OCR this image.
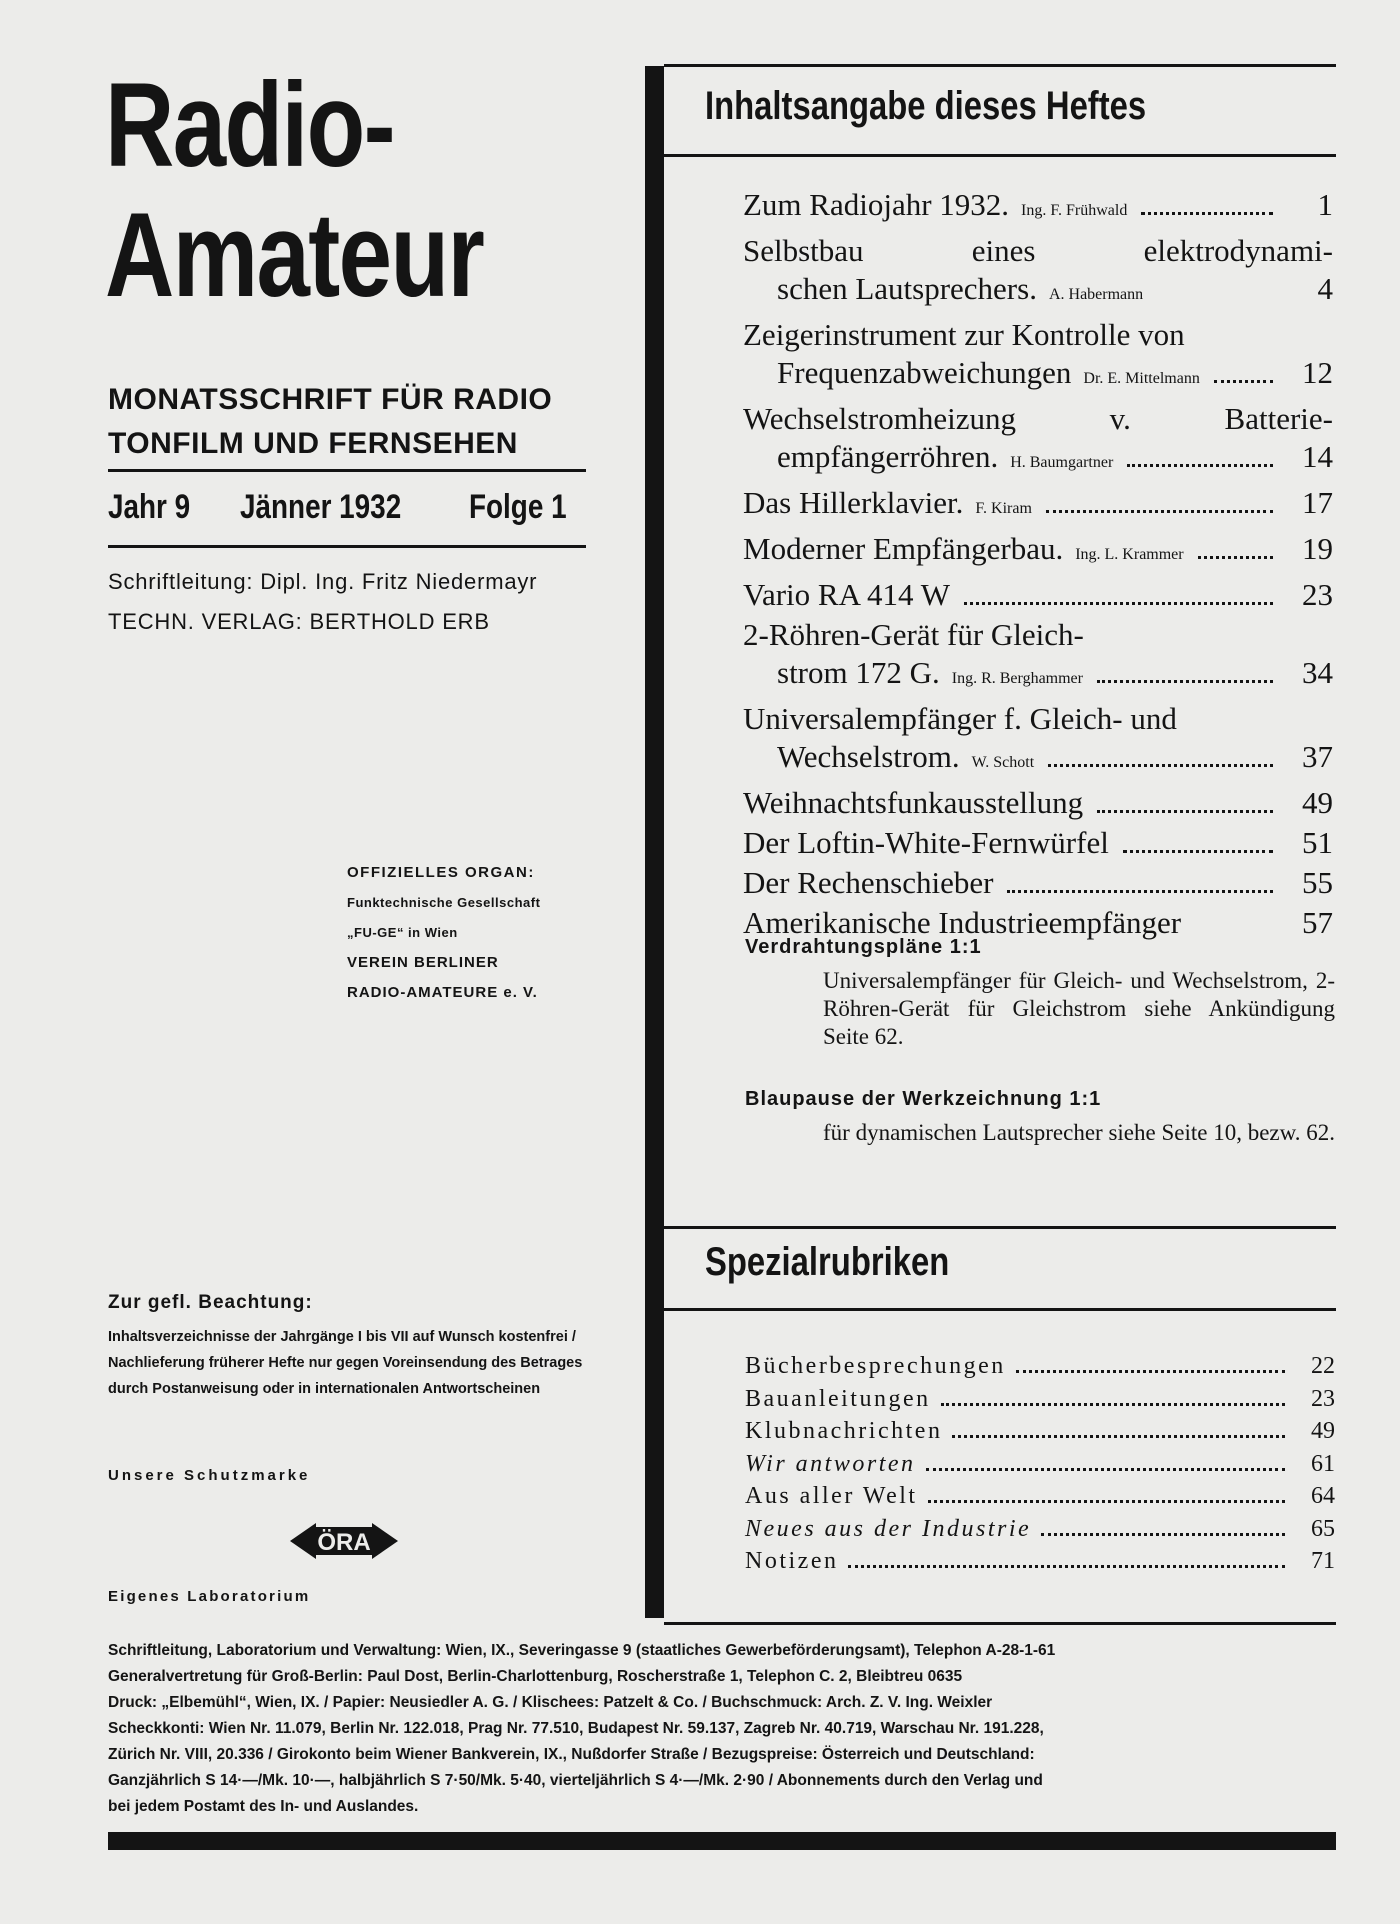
Radio-
Amateur
MONATSSCHRIFT FÜR RADIO
TONFILM UND FERNSEHEN
Jahr 9 Jänner 1932 Folge 1
Schriftleitung: Dipl. Ing. Fritz Niedermayr
TECHN. VERLAG: BERTHOLD ERB
OFFIZIELLES ORGAN:
Funktechnische Gesellschaft
„FU-GE“ in Wien
VEREIN BERLINER
RADIO-AMATEURE e. V.
Zur gefl. Beachtung:

Inhaltsverzeichnisse der Jahrgänge I bis VII auf Wunsch kostenfrei / Nachlieferung früherer Hefte nur gegen Voreinsendung des Betrages durch Postanweisung oder in internationalen Antwortscheinen

Unsere Schutzmarke
ÖRA
Eigenes Laboratorium
Inhaltsangabe dieses Heftes
Zum Radiojahr 1932. Ing. F. Frühwald	1
Selbstbau eines elektrodynami-
schen Lautsprechers. A. Habermann	4
Zeigerinstrument zur Kontrolle von
Frequenzabweichungen Dr. E. Mittelmann	12
Wechselstromheizung v. Batterie-
empfängerröhren. H. Baumgartner	14
Das Hillerklavier. F. Kiram	17
Moderner Empfängerbau. Ing. L. Krammer	19
Vario RA 414 W	23
2-Röhren-Gerät für Gleich-
strom 172 G. Ing. R. Berghammer	34
Universalempfänger f. Gleich- und
Wechselstrom. W. Schott	37
Weihnachtsfunkausstellung	49
Der Loftin-White-Fernwürfel	51
Der Rechenschieber	55
Amerikanische Industrieempfänger	57
Verdrahtungspläne 1:1

Universalempfänger für Gleich- und Wechselstrom, 2-Röhren-Gerät für Gleichstrom siehe Ankündigung Seite 62.

Blaupause der Werkzeichnung 1:1

für dynamischen Lautsprecher siehe Seite 10, bezw. 62.

Spezialrubriken
Bücherbesprechungen	22
Bauanleitungen	23
Klubnachrichten	49
Wir antworten	61
Aus aller Welt	64
Neues aus der Industrie	65
Notizen	71
Schriftleitung, Laboratorium und Verwaltung: Wien, IX., Severingasse 9 (staatliches Gewerbeförderungsamt), Telephon A-28-1-61
Generalvertretung für Groß-Berlin: Paul Dost, Berlin-Charlottenburg, Roscherstraße 1, Telephon C. 2, Bleibtreu 0635
Druck: „Elbemühl“, Wien, IX. / Papier: Neusiedler A. G. / Klischees: Patzelt & Co. / Buchschmuck: Arch. Z. V. Ing. Weixler
Scheckkonti: Wien Nr. 11.079, Berlin Nr. 122.018, Prag Nr. 77.510, Budapest Nr. 59.137, Zagreb Nr. 40.719, Warschau Nr. 191.228,
Zürich Nr. VIII, 20.336 / Girokonto beim Wiener Bankverein, IX., Nußdorfer Straße / Bezugspreise: Österreich und Deutschland:
Ganzjährlich S 14·—/Mk. 10·—, halbjährlich S 7·50/Mk. 5·40, vierteljährlich S 4·—/Mk. 2·90 / Abonnements durch den Verlag und
bei jedem Postamt des In- und Auslandes.
